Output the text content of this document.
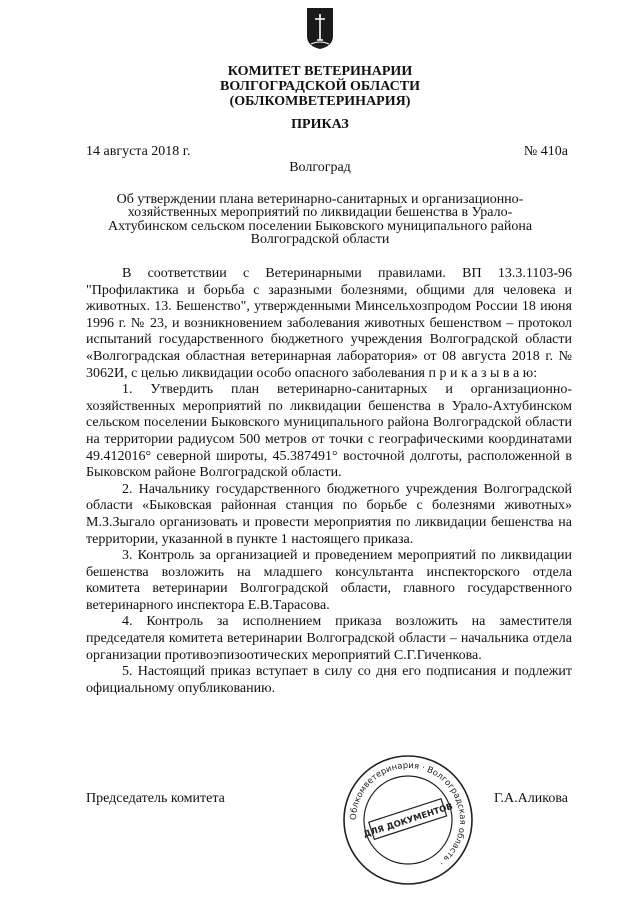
КОМИТЕТ ВЕТЕРИНАРИИ
ВОЛГОГРАДСКОЙ ОБЛАСТИ
(ОБЛКОМВЕТЕРИНАРИЯ)
ПРИКАЗ
14 августа 2018 г.	№ 410а
Волгоград
Об утверждении плана ветеринарно-санитарных и организационно-хозяйственных мероприятий по ликвидации бешенства в Урало-Ахтубинском сельском поселении Быковского муниципального района Волгоградской области

В соответствии с Ветеринарными правилами. ВП 13.3.1103-96 "Профилактика и борьба с заразными болезнями, общими для человека и животных. 13. Бешенство", утвержденными Минсельхозпродом России 18 июня 1996 г. № 23, и возникновением заболевания животных бешенством – протокол испытаний государственного бюджетного учреждения Волгоградской области «Волгоградская областная ветеринарная лаборатория» от 08 августа 2018 г. № 3062И, с целью ликвидации особо опасного заболевания п р и к а з ы в а ю:

1. Утвердить план ветеринарно-санитарных и организационно-хозяйственных мероприятий по ликвидации бешенства в Урало-Ахтубинском сельском поселении Быковского муниципального района Волгоградской области на территории радиусом 500 метров от точки с географическими координатами 49.412016° северной широты, 45.387491° восточной долготы, расположенной в Быковском районе Волгоградской области.

2. Начальнику государственного бюджетного учреждения Волгоградской области «Быковская районная станция по борьбе с болезнями животных» М.З.Зыгало организовать и провести мероприятия по ликвидации бешенства на территории, указанной в пункте 1 настоящего приказа.

3. Контроль за организацией и проведением мероприятий по ликвидации бешенства возложить на младшего консультанта инспекторского отдела комитета ветеринарии Волгоградской области, главного государственного ветеринарного инспектора Е.В.Тарасова.

4. Контроль за исполнением приказа возложить на заместителя председателя комитета ветеринарии Волгоградской области – начальника отдела организации противоэпизоотических мероприятий С.Г.Гиченкова.

5. Настоящий приказ вступает в силу со дня его подписания и подлежит официальному опубликованию.

Председатель комитета	Г.А.Аликова
Облкомветеринария · Волгоградская область ·
ДЛЯ ДОКУМЕНТОВ
